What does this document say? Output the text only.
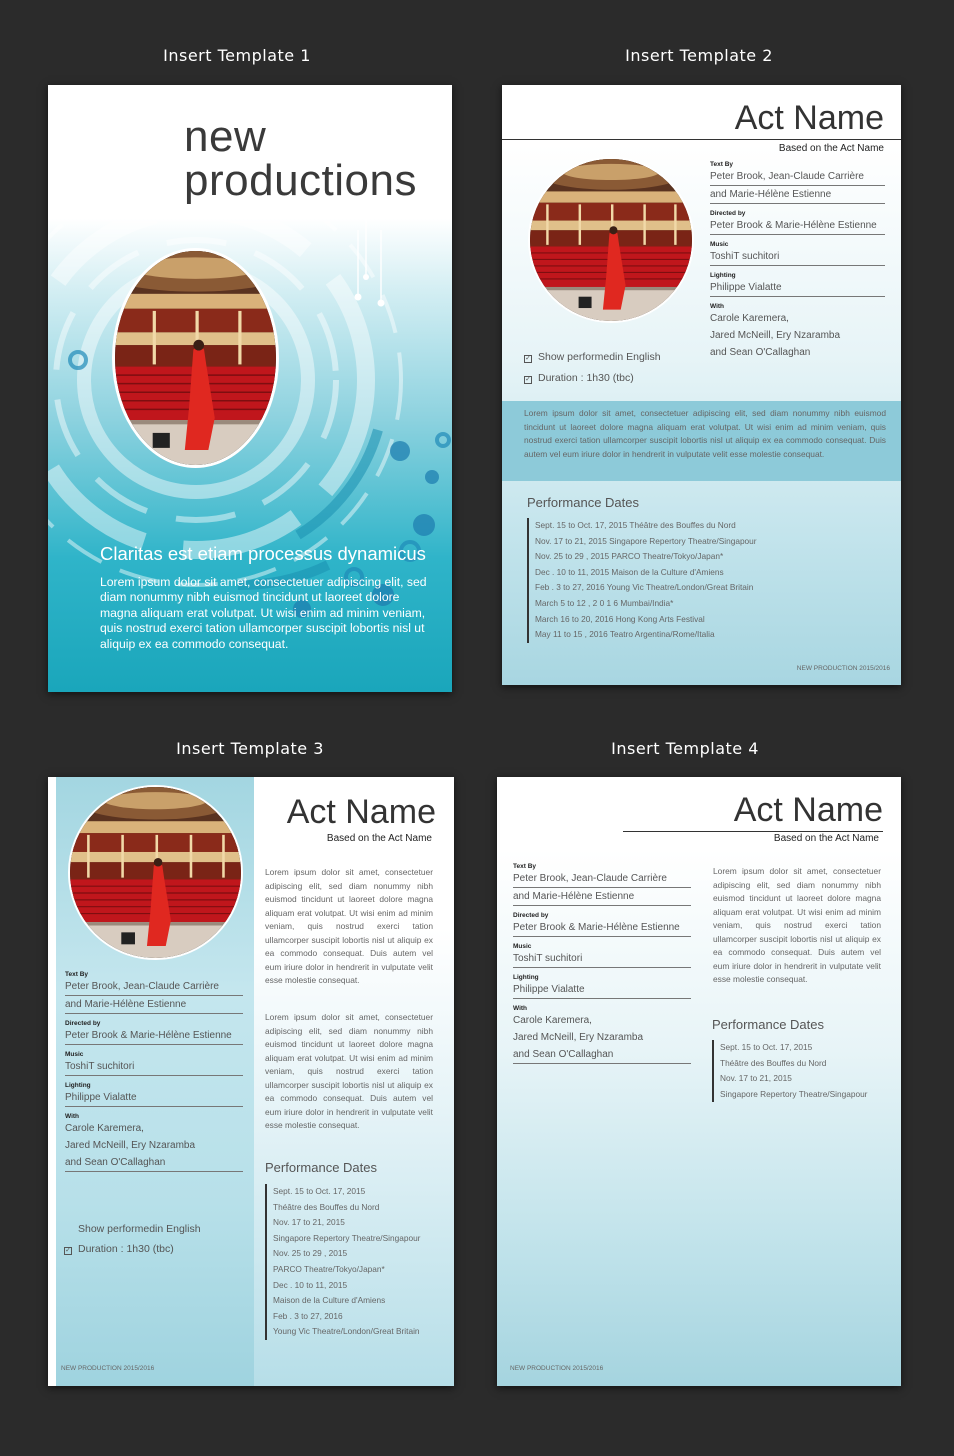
Insert Template 1	Insert Template 2
Insert Template 3	Insert Template 4
new
productions
Claritas est etiam processus dynamicus
Lorem ipsum dolor sit amet, consectetuer adipiscing elit, sed diam nonummy nibh euismod tincidunt ut laoreet dolore magna aliquam erat volutpat. Ut wisi enim ad minim veniam, quis nostrud exerci tation ullamcorper suscipit lobortis nisl ut aliquip ex ea commodo consequat.
Act Name
Based on the Act Name
Text By
Peter Brook, Jean-Claude Carrière
and Marie-Hélène Estienne
Directed by
Peter Brook & Marie-Hélène Estienne
Music
ToshiT suchitori
Lighting
Philippe Vialatte
With
Carole Karemera,
Jared McNeill, Ery Nzaramba
and Sean O'Callaghan
✓ Show performedin English
✓ Duration : 1h30 (tbc)
Lorem ipsum dolor sit amet, consectetuer adipiscing elit, sed diam nonummy nibh euismod tincidunt ut laoreet dolore magna aliquam erat volutpat. Ut wisi enim ad minim veniam, quis nostrud exerci tation ullamcorper suscipit lobortis nisl ut aliquip ex ea commodo consequat. Duis autem vel eum iriure dolor in hendrerit in vulputate velit esse molestie consequat.
Performance Dates
Sept. 15 to Oct. 17, 2015 Théâtre des Bouffes du Nord
Nov. 17 to 21, 2015 Singapore Repertory Theatre/Singapour
Nov. 25 to 29 , 2015 PARCO Theatre/Tokyo/Japan*
Dec . 10 to 11, 2015 Maison de la Culture d'Amiens
Feb . 3 to 27, 2016 Young Vic Theatre/London/Great Britain
March 5 to 12 , 2 0 1 6 Mumbai/India*
March 16 to 20, 2016 Hong Kong Arts Festival
May 11 to 15 , 2016 Teatro Argentina/Rome/Italia
NEW PRODUCTION 2015/2016
Text By
Peter Brook, Jean-Claude Carrière
and Marie-Hélène Estienne
Directed by
Peter Brook & Marie-Hélène Estienne
Music
ToshiT suchitori
Lighting
Philippe Vialatte
With
Carole Karemera,
Jared McNeill, Ery Nzaramba
and Sean O'Callaghan
Show performedin English
✓ Duration : 1h30 (tbc)
Act Name
Based on the Act Name
Lorem ipsum dolor sit amet, consectetuer adipiscing elit, sed diam nonummy nibh euismod tincidunt ut laoreet dolore magna aliquam erat volutpat. Ut wisi enim ad minim veniam, quis nostrud exerci tation ullamcorper suscipit lobortis nisl ut aliquip ex ea commodo consequat. Duis autem vel eum iriure dolor in hendrerit in vulputate velit esse molestie consequat.
Lorem ipsum dolor sit amet, consectetuer adipiscing elit, sed diam nonummy nibh euismod tincidunt ut laoreet dolore magna aliquam erat volutpat. Ut wisi enim ad minim veniam, quis nostrud exerci tation ullamcorper suscipit lobortis nisl ut aliquip ex ea commodo consequat. Duis autem vel eum iriure dolor in hendrerit in vulputate velit esse molestie consequat.
Performance Dates
Sept. 15 to Oct. 17, 2015
Théâtre des Bouffes du Nord
Nov. 17 to 21, 2015
Singapore Repertory Theatre/Singapour
Nov. 25 to 29 , 2015
PARCO Theatre/Tokyo/Japan*
Dec . 10 to 11, 2015
Maison de la Culture d'Amiens
Feb . 3 to 27, 2016
Young Vic Theatre/London/Great Britain
NEW PRODUCTION 2015/2016
Act Name
Based on the Act Name
Text By
Peter Brook, Jean-Claude Carrière
and Marie-Hélène Estienne
Directed by
Peter Brook & Marie-Hélène Estienne
Music
ToshiT suchitori
Lighting
Philippe Vialatte
With
Carole Karemera,
Jared McNeill, Ery Nzaramba
and Sean O'Callaghan
Lorem ipsum dolor sit amet, consectetuer adipiscing elit, sed diam nonummy nibh euismod tincidunt ut laoreet dolore magna aliquam erat volutpat. Ut wisi enim ad minim veniam, quis nostrud exerci tation ullamcorper suscipit lobortis nisl ut aliquip ex ea commodo consequat. Duis autem vel eum iriure dolor in hendrerit in vulputate velit esse molestie consequat.
Performance Dates
Sept. 15 to Oct. 17, 2015
Théâtre des Bouffes du Nord
Nov. 17 to 21, 2015
Singapore Repertory Theatre/Singapour
NEW PRODUCTION 2015/2016
